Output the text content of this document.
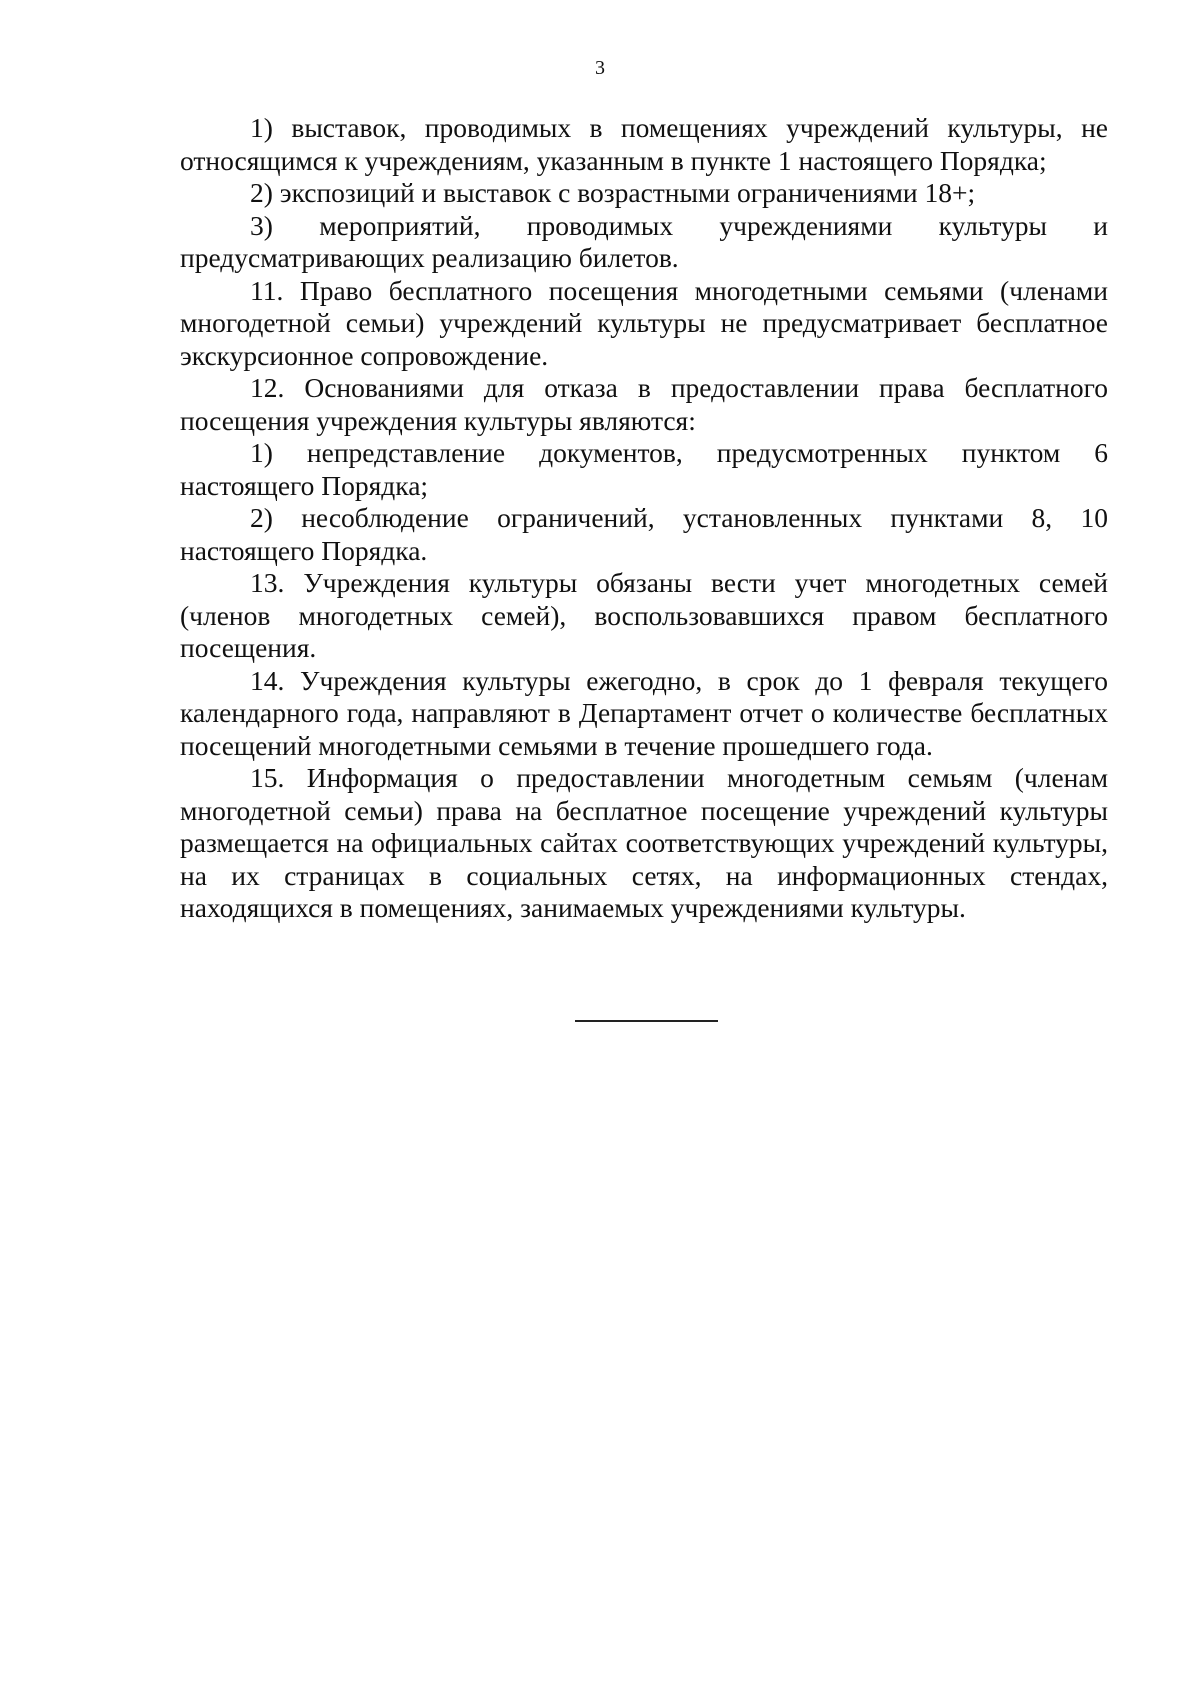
3

1) выставок, проводимых в помещениях учреждений культуры, не относящимся к учреждениям, указанным в пункте 1 настоящего Порядка;

2) экспозиций и выставок с возрастными ограничениями 18+;

3) мероприятий, проводимых учреждениями культуры и предусматривающих реализацию билетов.

11. Право бесплатного посещения многодетными семьями (членами многодетной семьи) учреждений культуры не предусматривает бесплатное экскурсионное сопровождение.

12. Основаниями для отказа в предоставлении права бесплатного посещения учреждения культуры являются:

1) непредставление документов, предусмотренных пунктом 6 настоящего Порядка;

2) несоблюдение ограничений, установленных пунктами 8, 10 настоящего Порядка.

13. Учреждения культуры обязаны вести учет многодетных семей (членов многодетных семей), воспользовавшихся правом бесплатного посещения.

14. Учреждения культуры ежегодно, в срок до 1 февраля текущего календарного года, направляют в Департамент отчет о количестве бесплатных посещений многодетными семьями в течение прошедшего года.

15. Информация о предоставлении многодетным семьям (членам многодетной семьи) права на бесплатное посещение учреждений культуры размещается на официальных сайтах соответствующих учреждений культуры, на их страницах в социальных сетях, на информационных стендах, находящихся в помещениях, занимаемых учреждениями культуры.
